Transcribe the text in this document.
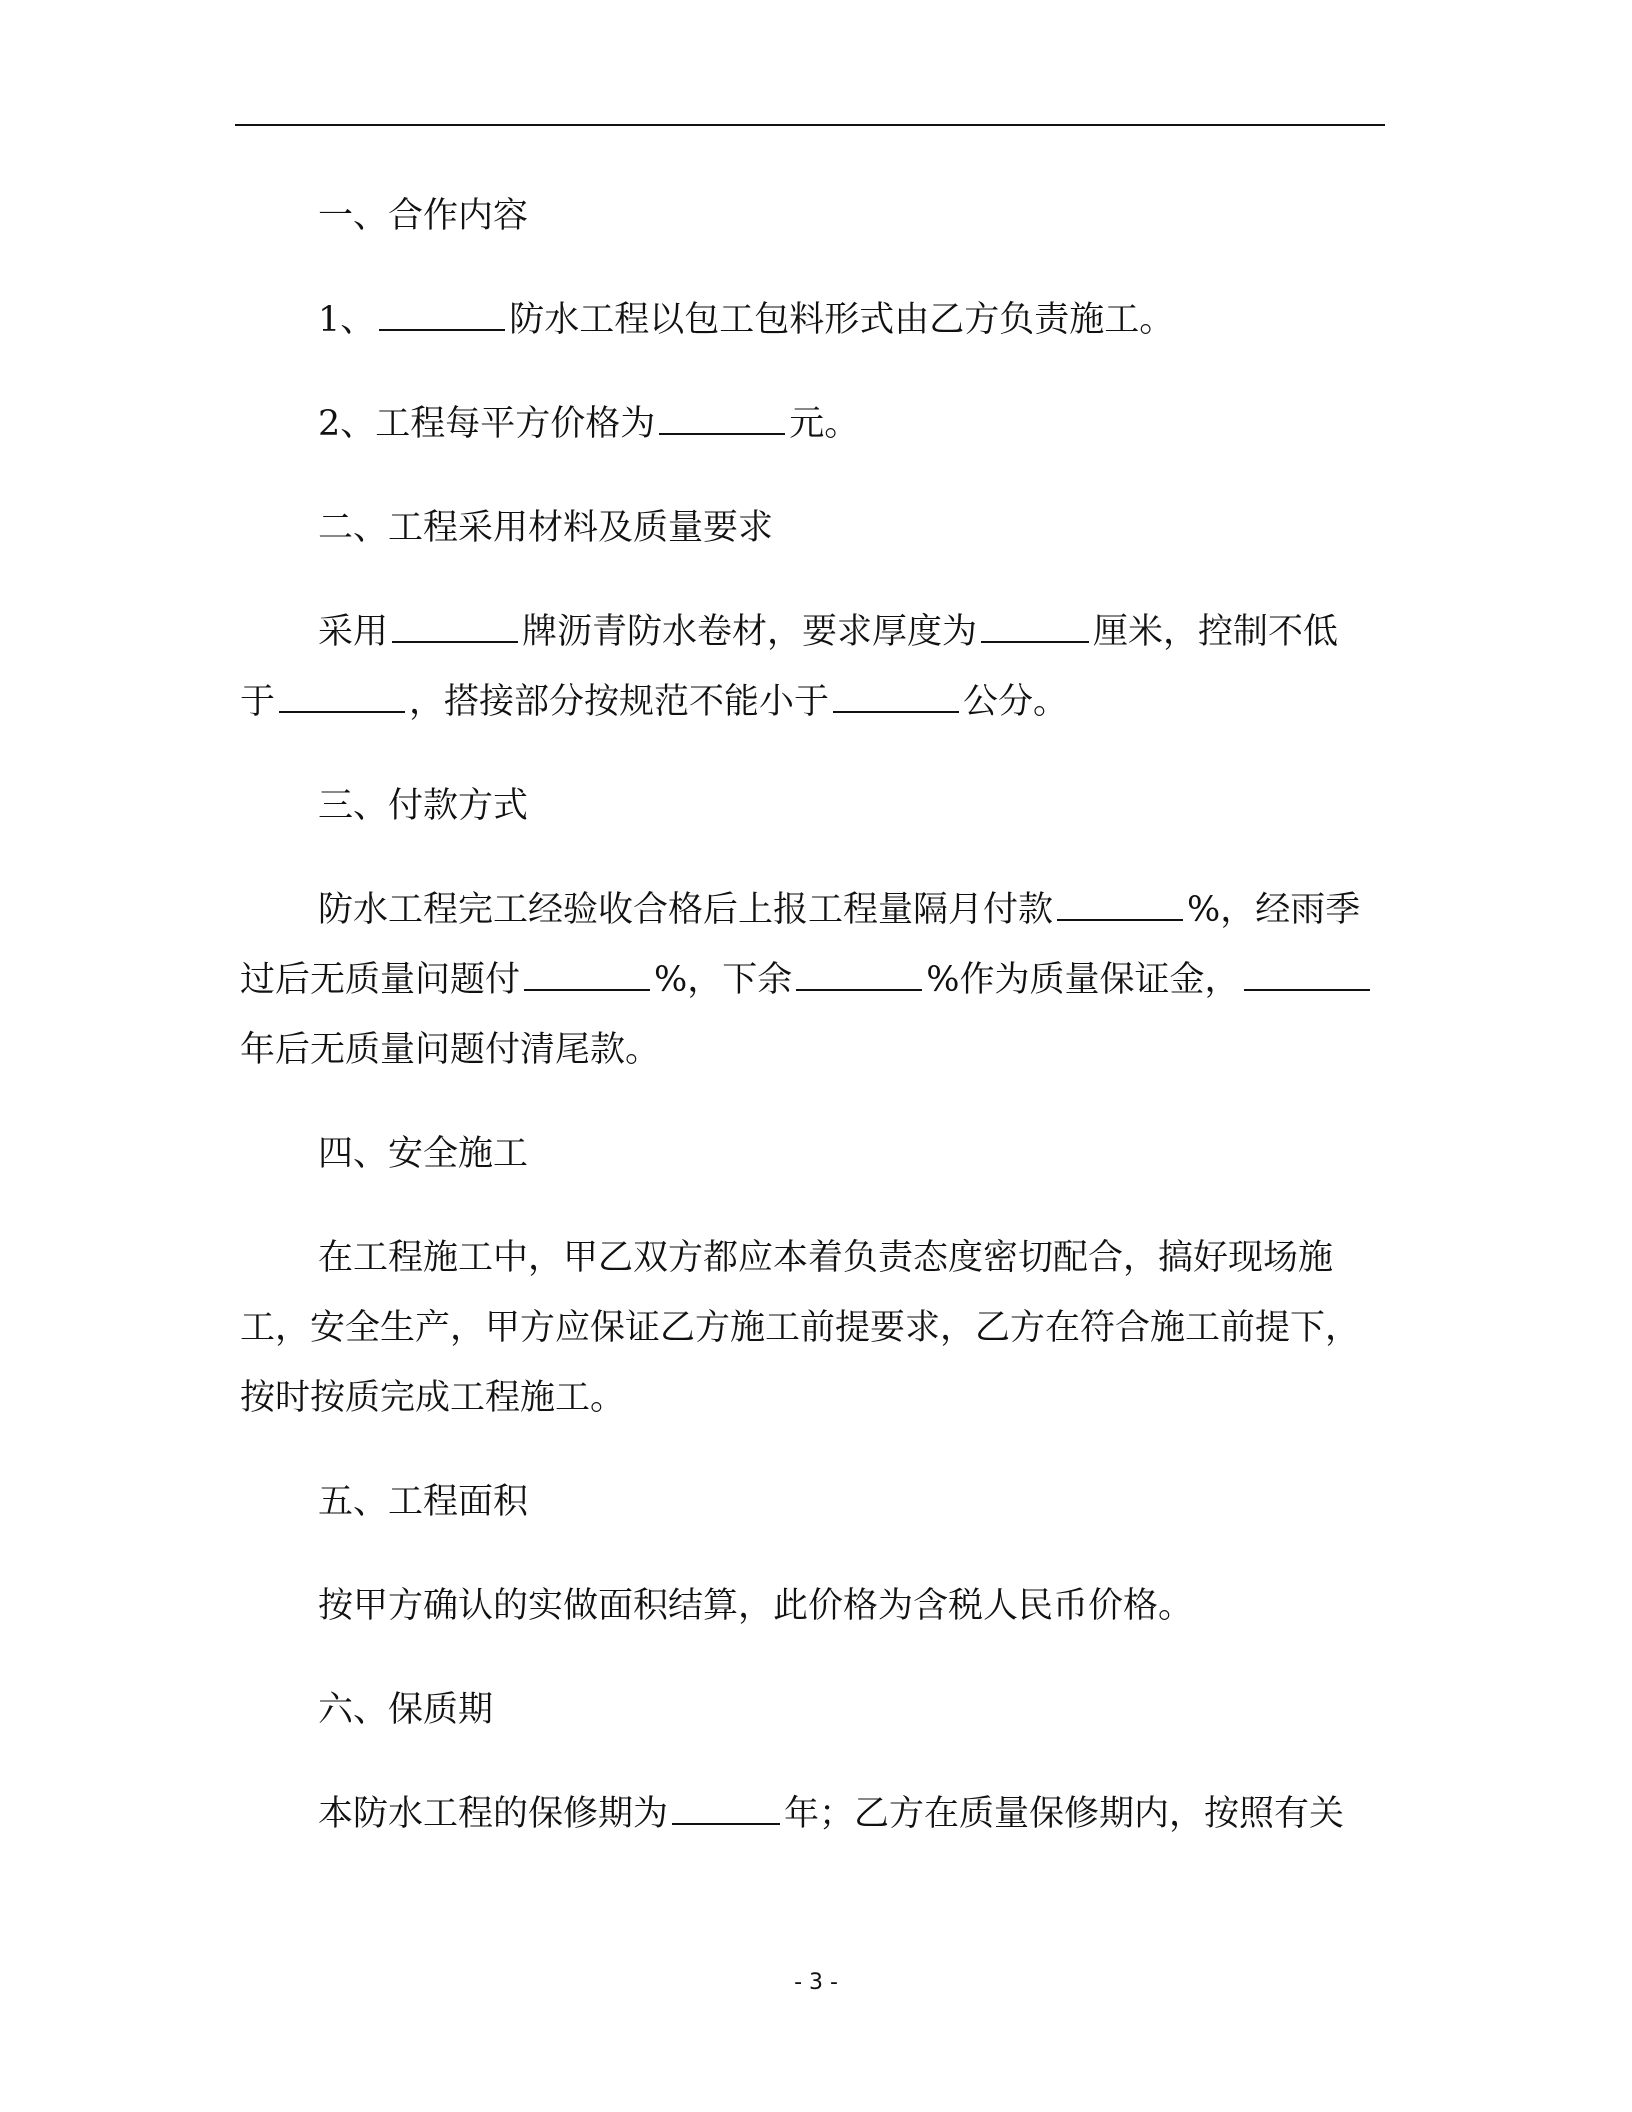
一、合作内容
1、	防水工程以包工包料形式由乙方负责施工。
2、工程每平方价格为	元。
二、工程采用材料及质量要求
采用	牌沥青防水卷材，要求厚度为	厘米，控制不低
于	，搭接部分按规范不能小于	公分。
三、付款方式
防水工程完工经验收合格后上报工程量隔月付款	%，经雨季
过后无质量问题付	%，下余	%作为质量保证金，
年后无质量问题付清尾款。
四、安全施工
在工程施工中，甲乙双方都应本着负责态度密切配合，搞好现场施
工，安全生产，甲方应保证乙方施工前提要求，乙方在符合施工前提下，
按时按质完成工程施工。
五、工程面积
按甲方确认的实做面积结算，此价格为含税人民币价格。
六、保质期
本防水工程的保修期为	年；乙方在质量保修期内，按照有关
- 3 -
